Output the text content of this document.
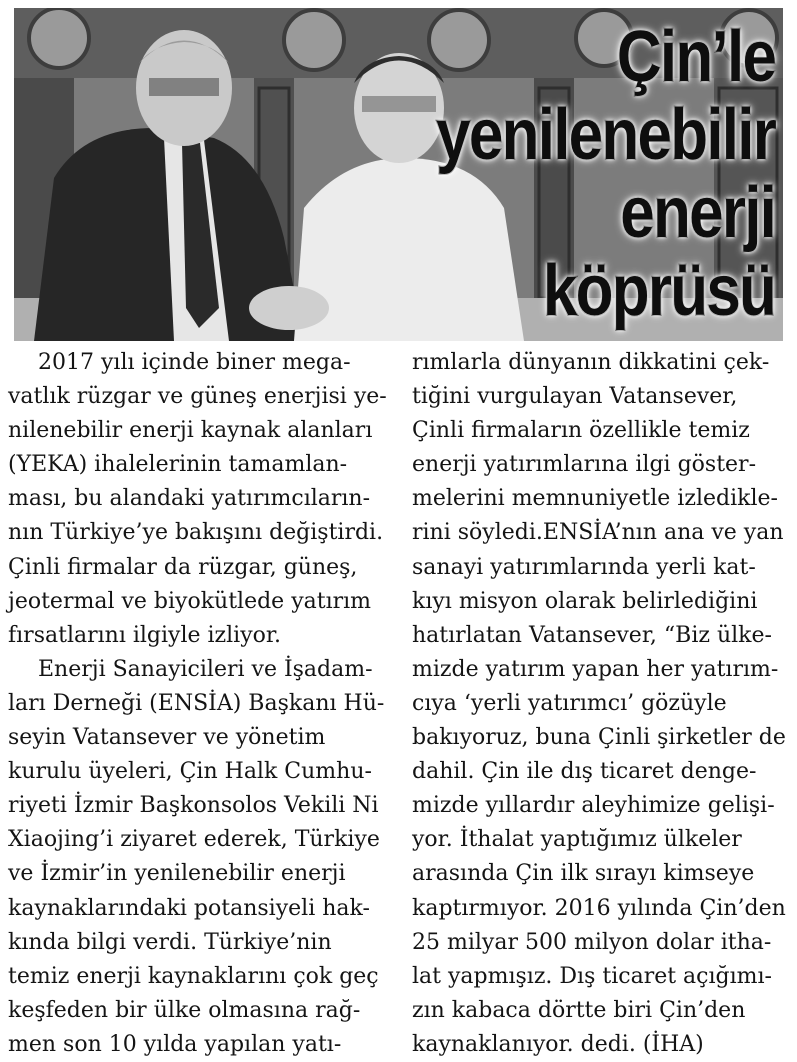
Çin’le
yenilenebilir
enerji
köprüsü
2017 yılı içinde biner mega-
vatlık rüzgar ve güneş enerjisi ye-
nilenebilir enerji kaynak alanları
(YEKA) ihalelerinin tamamlan-
ması, bu alandaki yatırımcıların-
nın Türkiye’ye bakışını değiştirdi.
Çinli firmalar da rüzgar, güneş,
jeotermal ve biyokütlede yatırım
fırsatlarını ilgiyle izliyor.
Enerji Sanayicileri ve İşadam-
ları Derneği (ENSİA) Başkanı Hü-
seyin Vatansever ve yönetim
kurulu üyeleri, Çin Halk Cumhu-
riyeti İzmir Başkonsolos Vekili Ni
Xiaojing’i ziyaret ederek, Türkiye
ve İzmir’in yenilenebilir enerji
kaynaklarındaki potansiyeli hak-
kında bilgi verdi. Türkiye’nin
temiz enerji kaynaklarını çok geç
keşfeden bir ülke olmasına rağ-
men son 10 yılda yapılan yatı-
rımlarla dünyanın dikkatini çek-
tiğini vurgulayan Vatansever,
Çinli firmaların özellikle temiz
enerji yatırımlarına ilgi göster-
melerini memnuniyetle izledikle-
rini söyledi.ENSİA’nın ana ve yan
sanayi yatırımlarında yerli kat-
kıyı misyon olarak belirlediğini
hatırlatan Vatansever, “Biz ülke-
mizde yatırım yapan her yatırım-
cıya ‘yerli yatırımcı’ gözüyle
bakıyoruz, buna Çinli şirketler de
dahil. Çin ile dış ticaret denge-
mizde yıllardır aleyhimize gelişi-
yor. İthalat yaptığımız ülkeler
arasında Çin ilk sırayı kimseye
kaptırmıyor. 2016 yılında Çin’den
25 milyar 500 milyon dolar itha-
lat yapmışız. Dış ticaret açığımı-
zın kabaca dörtte biri Çin’den
kaynaklanıyor. dedi. (İHA)
